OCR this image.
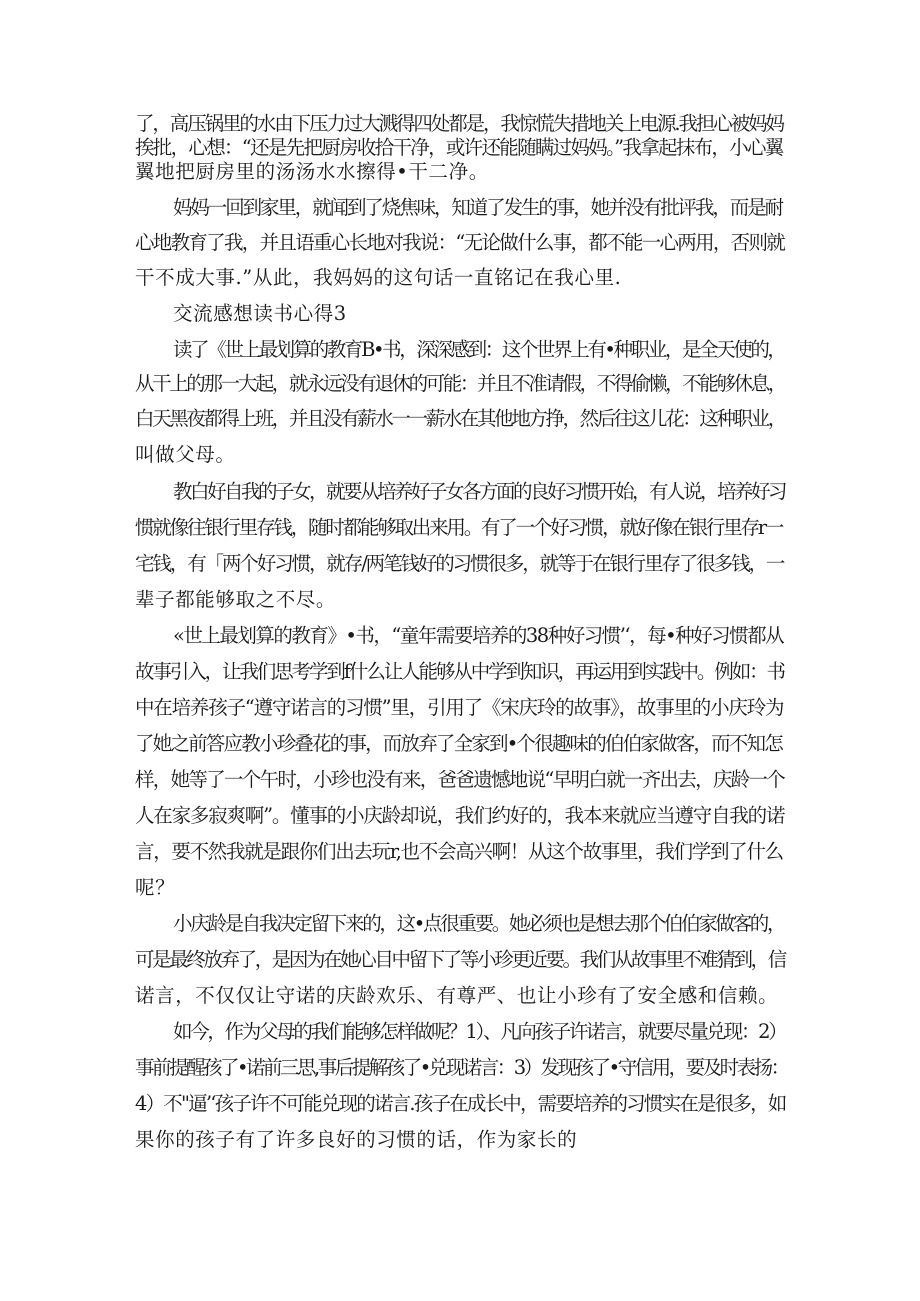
了，高压锅里的水由下压力过大溅得四处都是，我惊慌失措地关上电源.我担心被妈妈
挨批，心想：“还是先把厨房收拾干净，或许还能随瞒过妈妈。”我拿起抹布，小心翼
翼地把厨房里的汤汤水水擦得•干二净。
妈妈一回到家里，就闻到了烧焦味，知道了发生的事，她并没有批评我，而是耐
心地教育了我，并且语重心长地对我说：“无论做什么事，都不能一心两用，否则就
干不成大事.”从此，我妈妈的这句话一直铭记在我心里.
交流感想读书心得3
读了《世上最划算的教育B•书，深深感到：这个世界上有•种职业，是全天使的，
从干上的那一大起，就永远没有退休的可能：并且不准请假，不得偷懒，不能够休息，
白天黑夜都得上班，并且没有薪水一一薪水在其他地方挣，然后往这儿花：这种职业，
叫做父母。
教白好自我的子女，就要从培养好子女各方面的良好习惯开始，有人说，培养好习
惯就像往银行里存钱，随时都能够取出来用。有了一个好习惯，就好像在银行里存r一
宅钱，有「两个好习惯，就存/两笔钱好的习惯很多，就等于在银行里存了很多钱，一
辈子都能够取之不尽。
«世上最划算的教育》•书，“童年需要培养的38种好习惯’‘，每•种好习惯都从
故事引入，让我们思考学到f什么让人能够从中学到知识，再运用到实践中。例如：书
中在培养孩子“遵守诺言的习惯”里，引用了《宋庆玲的故事》，故事里的小庆玲为
了她之前答应教小珍叠花的事，而放弃了全家到•个很趣味的伯伯家做客，而不知怎
样，她等了一个午时，小珍也没有来，爸爸遗憾地说“早明白就一齐出去，庆龄一个
人在家多寂爽啊”。懂事的小庆龄却说，我们约好的，我本来就应当遵守自我的诺
言，要不然我就是跟你们出去玩r,也不会高兴啊！从这个故事里，我们学到了什么
呢？
小庆龄是自我决定留下来的，这•点很重要。她必须也是想去那个伯伯家做客的，
可是最终放弃了，是因为在她心目中留下了等小珍更近要。我们从故事里不难猜到，信
诺言，不仅仅让守诺的庆龄欢乐、有尊严、也让小珍有了安全感和信赖。
如今，作为父母的我们能够怎样做呢？1）、凡向孩子许诺言，就要尽量兑现：2）
事前提醒孩了•诺前三思,事后提解孩了•兑现诺言：3）发现孩了•守信用，要及时表扬：
4）不"逼’‘孩子许不可能兑现的诺言.孩子在成长中，需要培养的习惯实在是很多，如
果你的孩子有了许多良好的习惯的话，作为家长的
